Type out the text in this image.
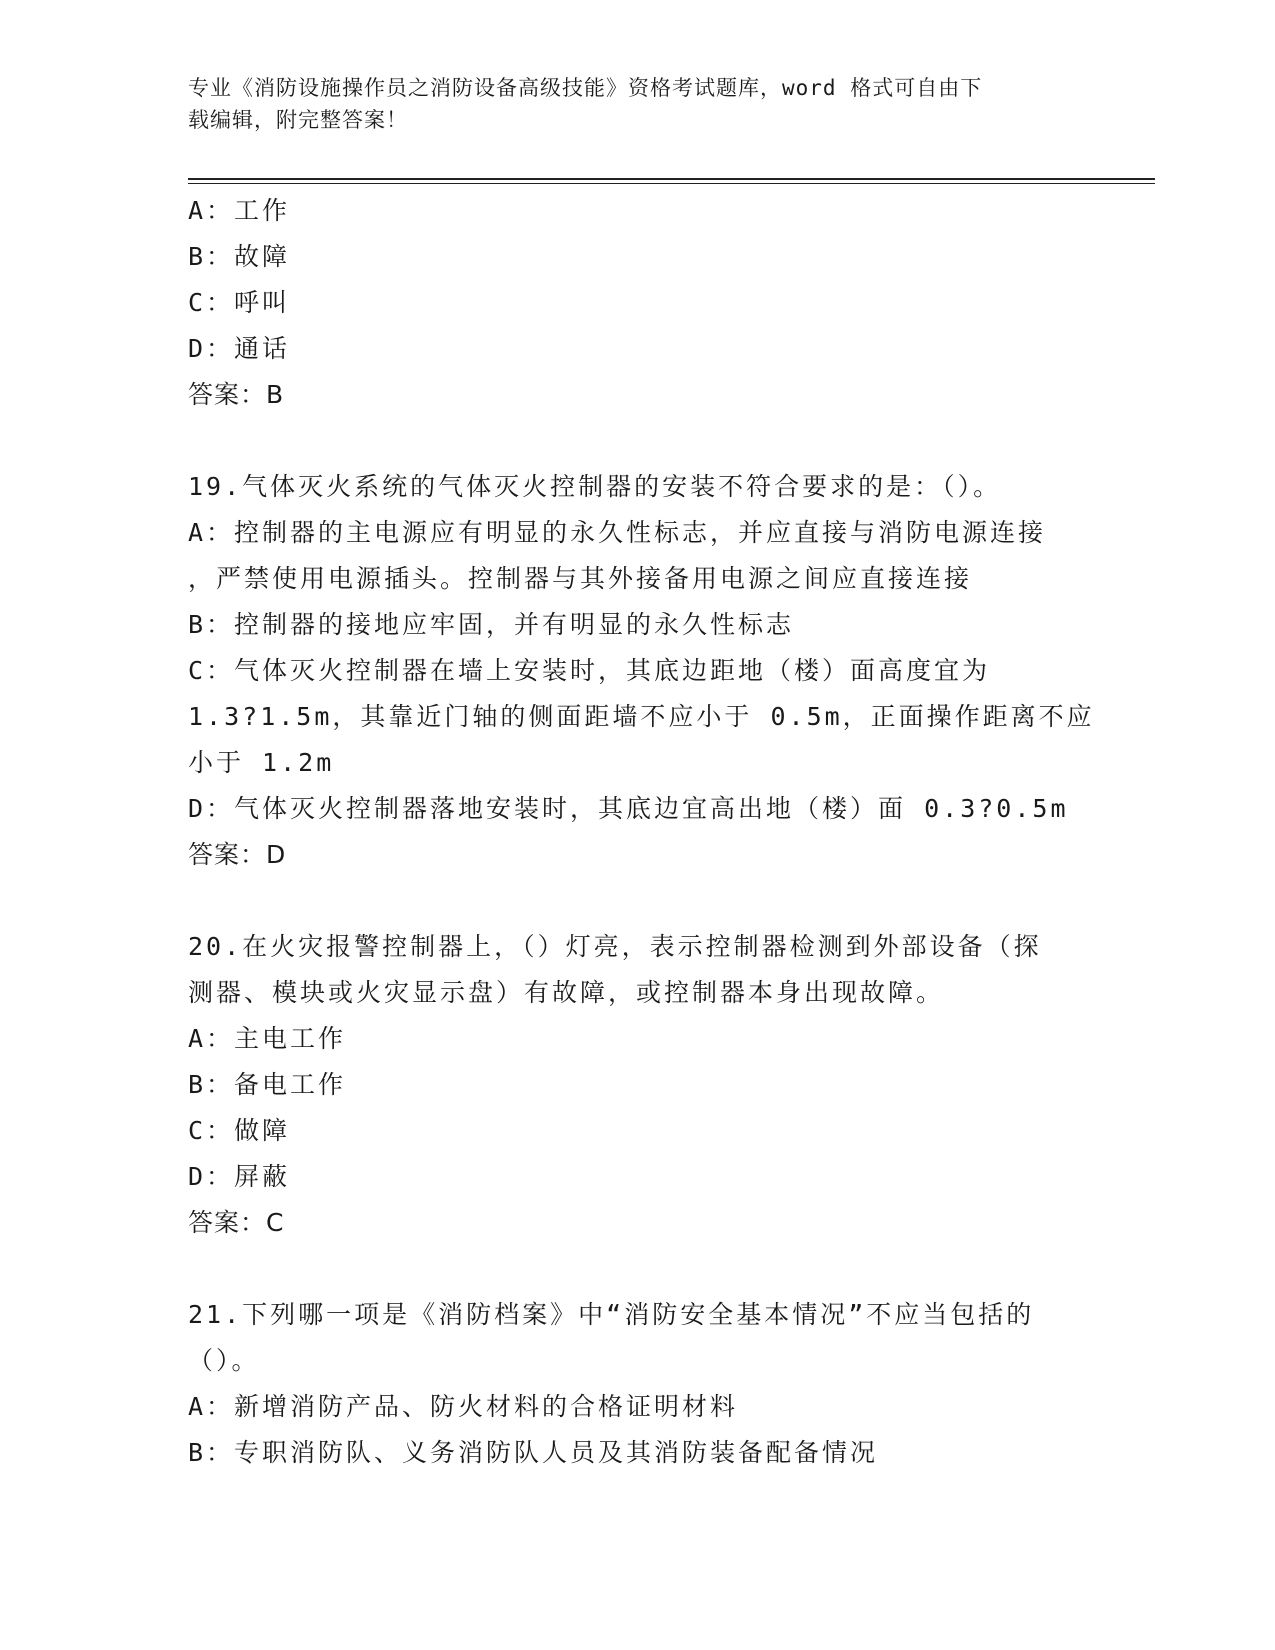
专业《消防设施操作员之消防设备高级技能》资格考试题库，word 格式可自由下
载编辑，附完整答案！
A：工作
B：故障
C：呼叫
D：通话
答案：B
19.气体灭火系统的气体灭火控制器的安装不符合要求的是：（）。
A：控制器的主电源应有明显的永久性标志，并应直接与消防电源连接
，严禁使用电源插头。控制器与其外接备用电源之间应直接连接
B：控制器的接地应牢固，并有明显的永久性标志
C：气体灭火控制器在墙上安装时，其底边距地（楼）面高度宜为
1.3?1.5m，其靠近门轴的侧面距墙不应小于 0.5m，正面操作距离不应
小于 1.2m
D：气体灭火控制器落地安装时，其底边宜高出地（楼）面 0.3?0.5m
答案：D
20.在火灾报警控制器上，（）灯亮，表示控制器检测到外部设备（探
测器、模块或火灾显示盘）有故障，或控制器本身出现故障。
A：主电工作
B：备电工作
C：做障
D：屏蔽
答案：C
21.下列哪一项是《消防档案》中“消防安全基本情况”不应当包括的
（）。
A：新增消防产品、防火材料的合格证明材料
B：专职消防队、义务消防队人员及其消防装备配备情况
